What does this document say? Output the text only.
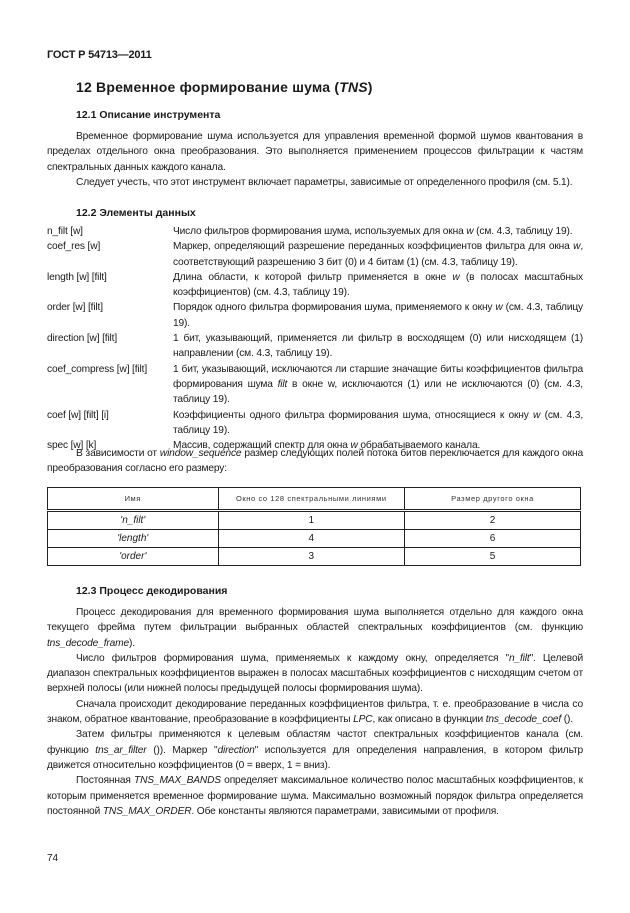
ГОСТ Р 54713—2011
12 Временное формирование шума (TNS)
12.1 Описание инструмента

Временное формирование шума используется для управления временной формой шумов квантования в пределах отдельного окна преобразования. Это выполняется применением процессов фильтрации к частям спектральных данных каждого канала.

Следует учесть, что этот инструмент включает параметры, зависимые от определенного профиля (см. 5.1).

12.2 Элементы данных
n_filt [w]	Число фильтров формирования шума, используемых для окна w (см. 4.3, таблицу 19).
coef_res [w]	Маркер, определяющий разрешение переданных коэффициентов фильтра для окна w, соответствующий разрешению 3 бит (0) и 4 битам (1) (см. 4.3, таблицу 19).
length [w] [filt]	Длина области, к которой фильтр применяется в окне w (в полосах масштабных коэффициентов) (см. 4.3, таблицу 19).
order [w] [filt]	Порядок одного фильтра формирования шума, применяемого к окну w (см. 4.3, таблицу 19).
direction [w] [filt]	1 бит, указывающий, применяется ли фильтр в восходящем (0) или нисходящем (1) направлении (см. 4.3, таблицу 19).
coef_compress [w] [filt]	1 бит, указывающий, исключаются ли старшие значащие биты коэффициентов фильтра формирования шума filt в окне w, исключаются (1) или не исключаются (0) (см. 4.3, таблицу 19).
coef [w] [filt] [i]	Коэффициенты одного фильтра формирования шума, относящиеся к окну w (см. 4.3, таблицу 19).
spec [w] [k]	Массив, содержащий спектр для окна w обрабатываемого канала.

В зависимости от window_sequence размер следующих полей потока битов переключается для каждого окна преобразования согласно его размеру:

Имя	Окно со 128 спектральными линиями	Размер другого окна
'n_filt'	1	2
'length'	4	6
'order'	3	5
12.3 Процесс декодирования

Процесс декодирования для временного формирования шума выполняется отдельно для каждого окна текущего фрейма путем фильтрации выбранных областей спектральных коэффициентов (см. функцию tns_decode_frame).

Число фильтров формирования шума, применяемых к каждому окну, определяется "n_filt". Целевой диапазон спектральных коэффициентов выражен в полосах масштабных коэффициентов с нисходящим счетом от верхней полосы (или нижней полосы предыдущей полосы формирования шума).

Сначала происходит декодирование переданных коэффициентов фильтра, т. е. преобразование в числа со знаком, обратное квантование, преобразование в коэффициенты LPC, как описано в функции tns_decode_coef ().

Затем фильтры применяются к целевым областям частот спектральных коэффициентов канала (см. функцию tns_ar_filter ()). Маркер "direction" используется для определения направления, в котором фильтр движется относительно коэффициентов (0 = вверх, 1 = вниз).

Постоянная TNS_MAX_BANDS определяет максимальное количество полос масштабных коэффициентов, к которым применяется временное формирование шума. Максимально возможный порядок фильтра определяется постоянной TNS_MAX_ORDER. Обе константы являются параметрами, зависимыми от профиля.

74
